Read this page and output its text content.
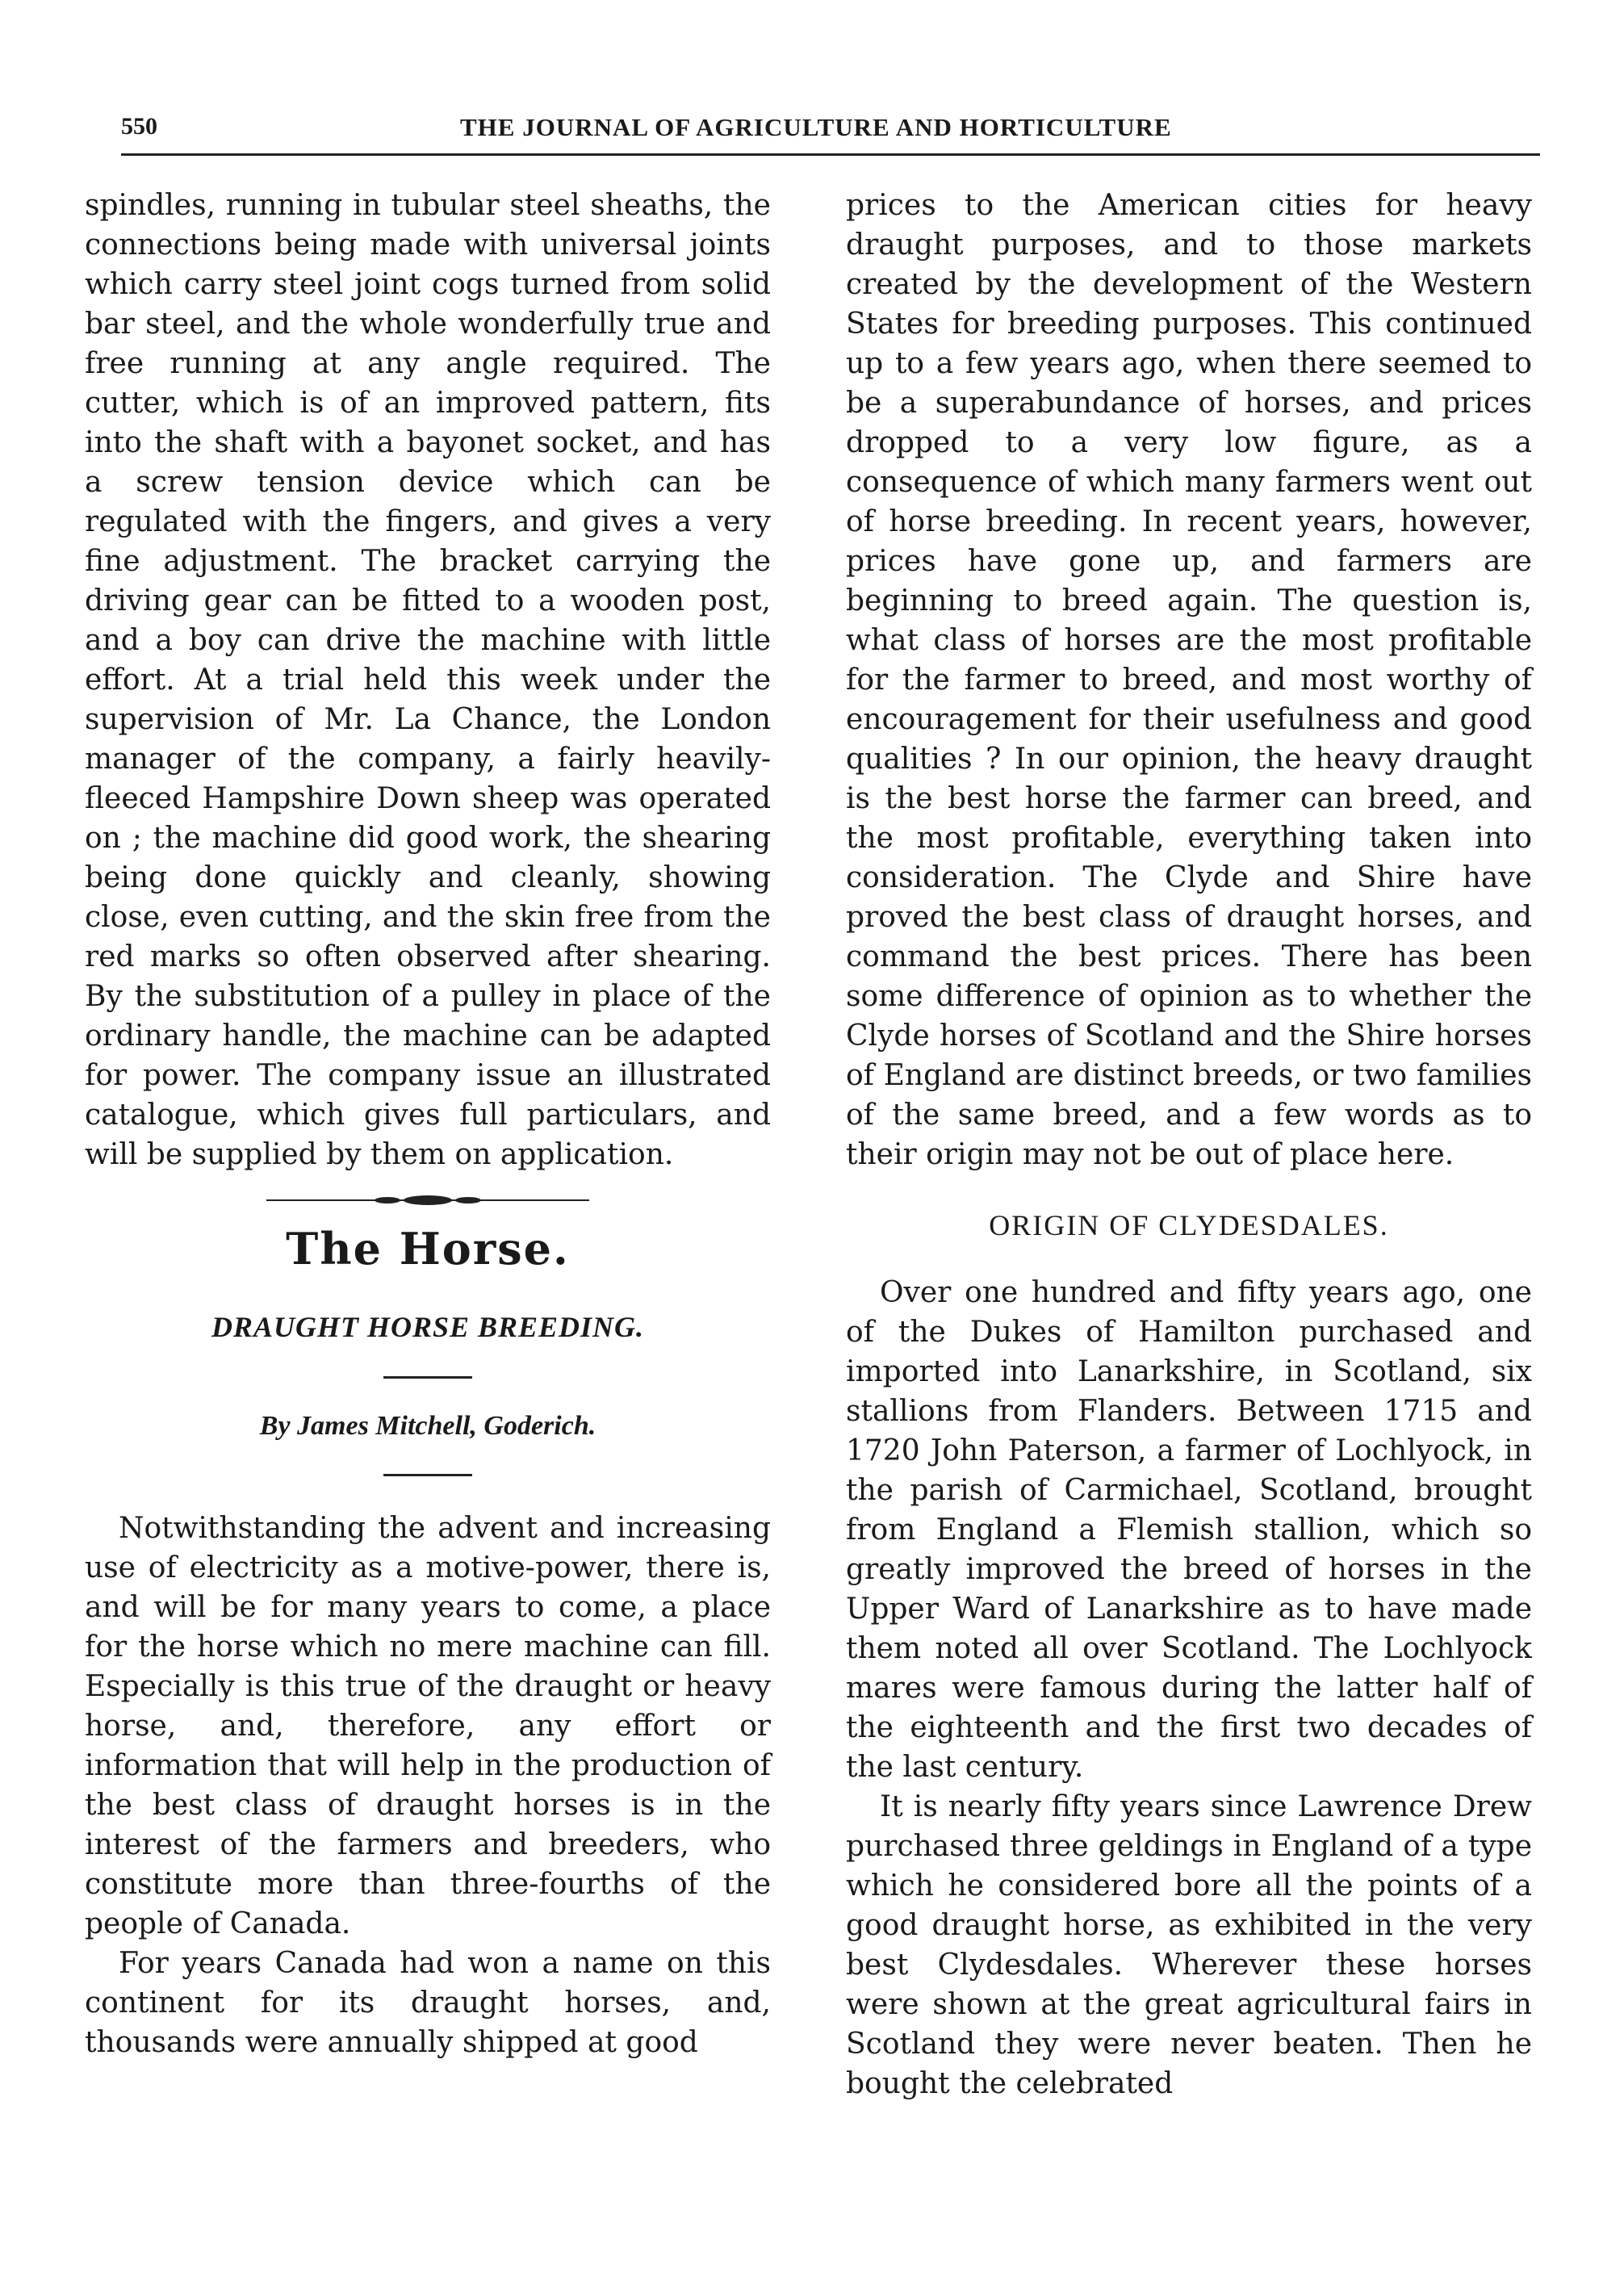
550	THE JOURNAL OF AGRICULTURE AND HORTICULTURE

spindles, running in tubular steel sheaths, the connections being made with universal joints which carry steel joint cogs turned from solid bar steel, and the whole wonderfully true and free running at any angle required. The cutter, which is of an improved pattern, fits into the shaft with a bayonet socket, and has a screw tension device which can be regulated with the fingers, and gives a very fine adjustment. The bracket carrying the driving gear can be fitted to a wooden post, and a boy can drive the machine with little effort. At a trial held this week under the supervision of Mr. La Chance, the London manager of the company, a fairly heavily-fleeced Hampshire Down sheep was operated on ; the machine did good work, the shearing being done quickly and cleanly, showing close, even cutting, and the skin free from the red marks so often observed after shearing. By the substitution of a pulley in place of the ordinary handle, the machine can be adapted for power. The company issue an illustrated catalogue, which gives full particulars, and will be supplied by them on application.

The Horse.
DRAUGHT HORSE BREEDING.
By James Mitchell, Goderich.

Notwithstanding the advent and increasing use of electricity as a motive-power, there is, and will be for many years to come, a place for the horse which no mere machine can fill. Especially is this true of the draught or heavy horse, and, therefore, any effort or information that will help in the production of the best class of draught horses is in the interest of the farmers and breeders, who constitute more than three-fourths of the people of Canada.

For years Canada had won a name on this continent for its draught horses, and, thousands were annually shipped at good

prices to the American cities for heavy draught purposes, and to those markets created by the development of the Western States for breeding purposes. This continued up to a few years ago, when there seemed to be a superabundance of horses, and prices dropped to a very low figure, as a consequence of which many farmers went out of horse breeding. In recent years, however, prices have gone up, and farmers are beginning to breed again. The question is, what class of horses are the most profitable for the farmer to breed, and most worthy of encouragement for their usefulness and good qualities ? In our opinion, the heavy draught is the best horse the farmer can breed, and the most profitable, everything taken into consideration. The Clyde and Shire have proved the best class of draught horses, and command the best prices. There has been some difference of opinion as to whether the Clyde horses of Scotland and the Shire horses of England are distinct breeds, or two families of the same breed, and a few words as to their origin may not be out of place here.

ORIGIN OF CLYDESDALES.

Over one hundred and fifty years ago, one of the Dukes of Hamilton purchased and imported into Lanarkshire, in Scotland, six stallions from Flanders. Between 1715 and 1720 John Paterson, a farmer of Lochlyock, in the parish of Carmichael, Scotland, brought from England a Flemish stallion, which so greatly improved the breed of horses in the Upper Ward of Lanarkshire as to have made them noted all over Scotland. The Lochlyock mares were famous during the latter half of the eighteenth and the first two decades of the last century.

It is nearly fifty years since Lawrence Drew purchased three geldings in England of a type which he considered bore all the points of a good draught horse, as exhibited in the very best Clydesdales. Wherever these horses were shown at the great agricultural fairs in Scotland they were never beaten. Then he bought the celebrated
